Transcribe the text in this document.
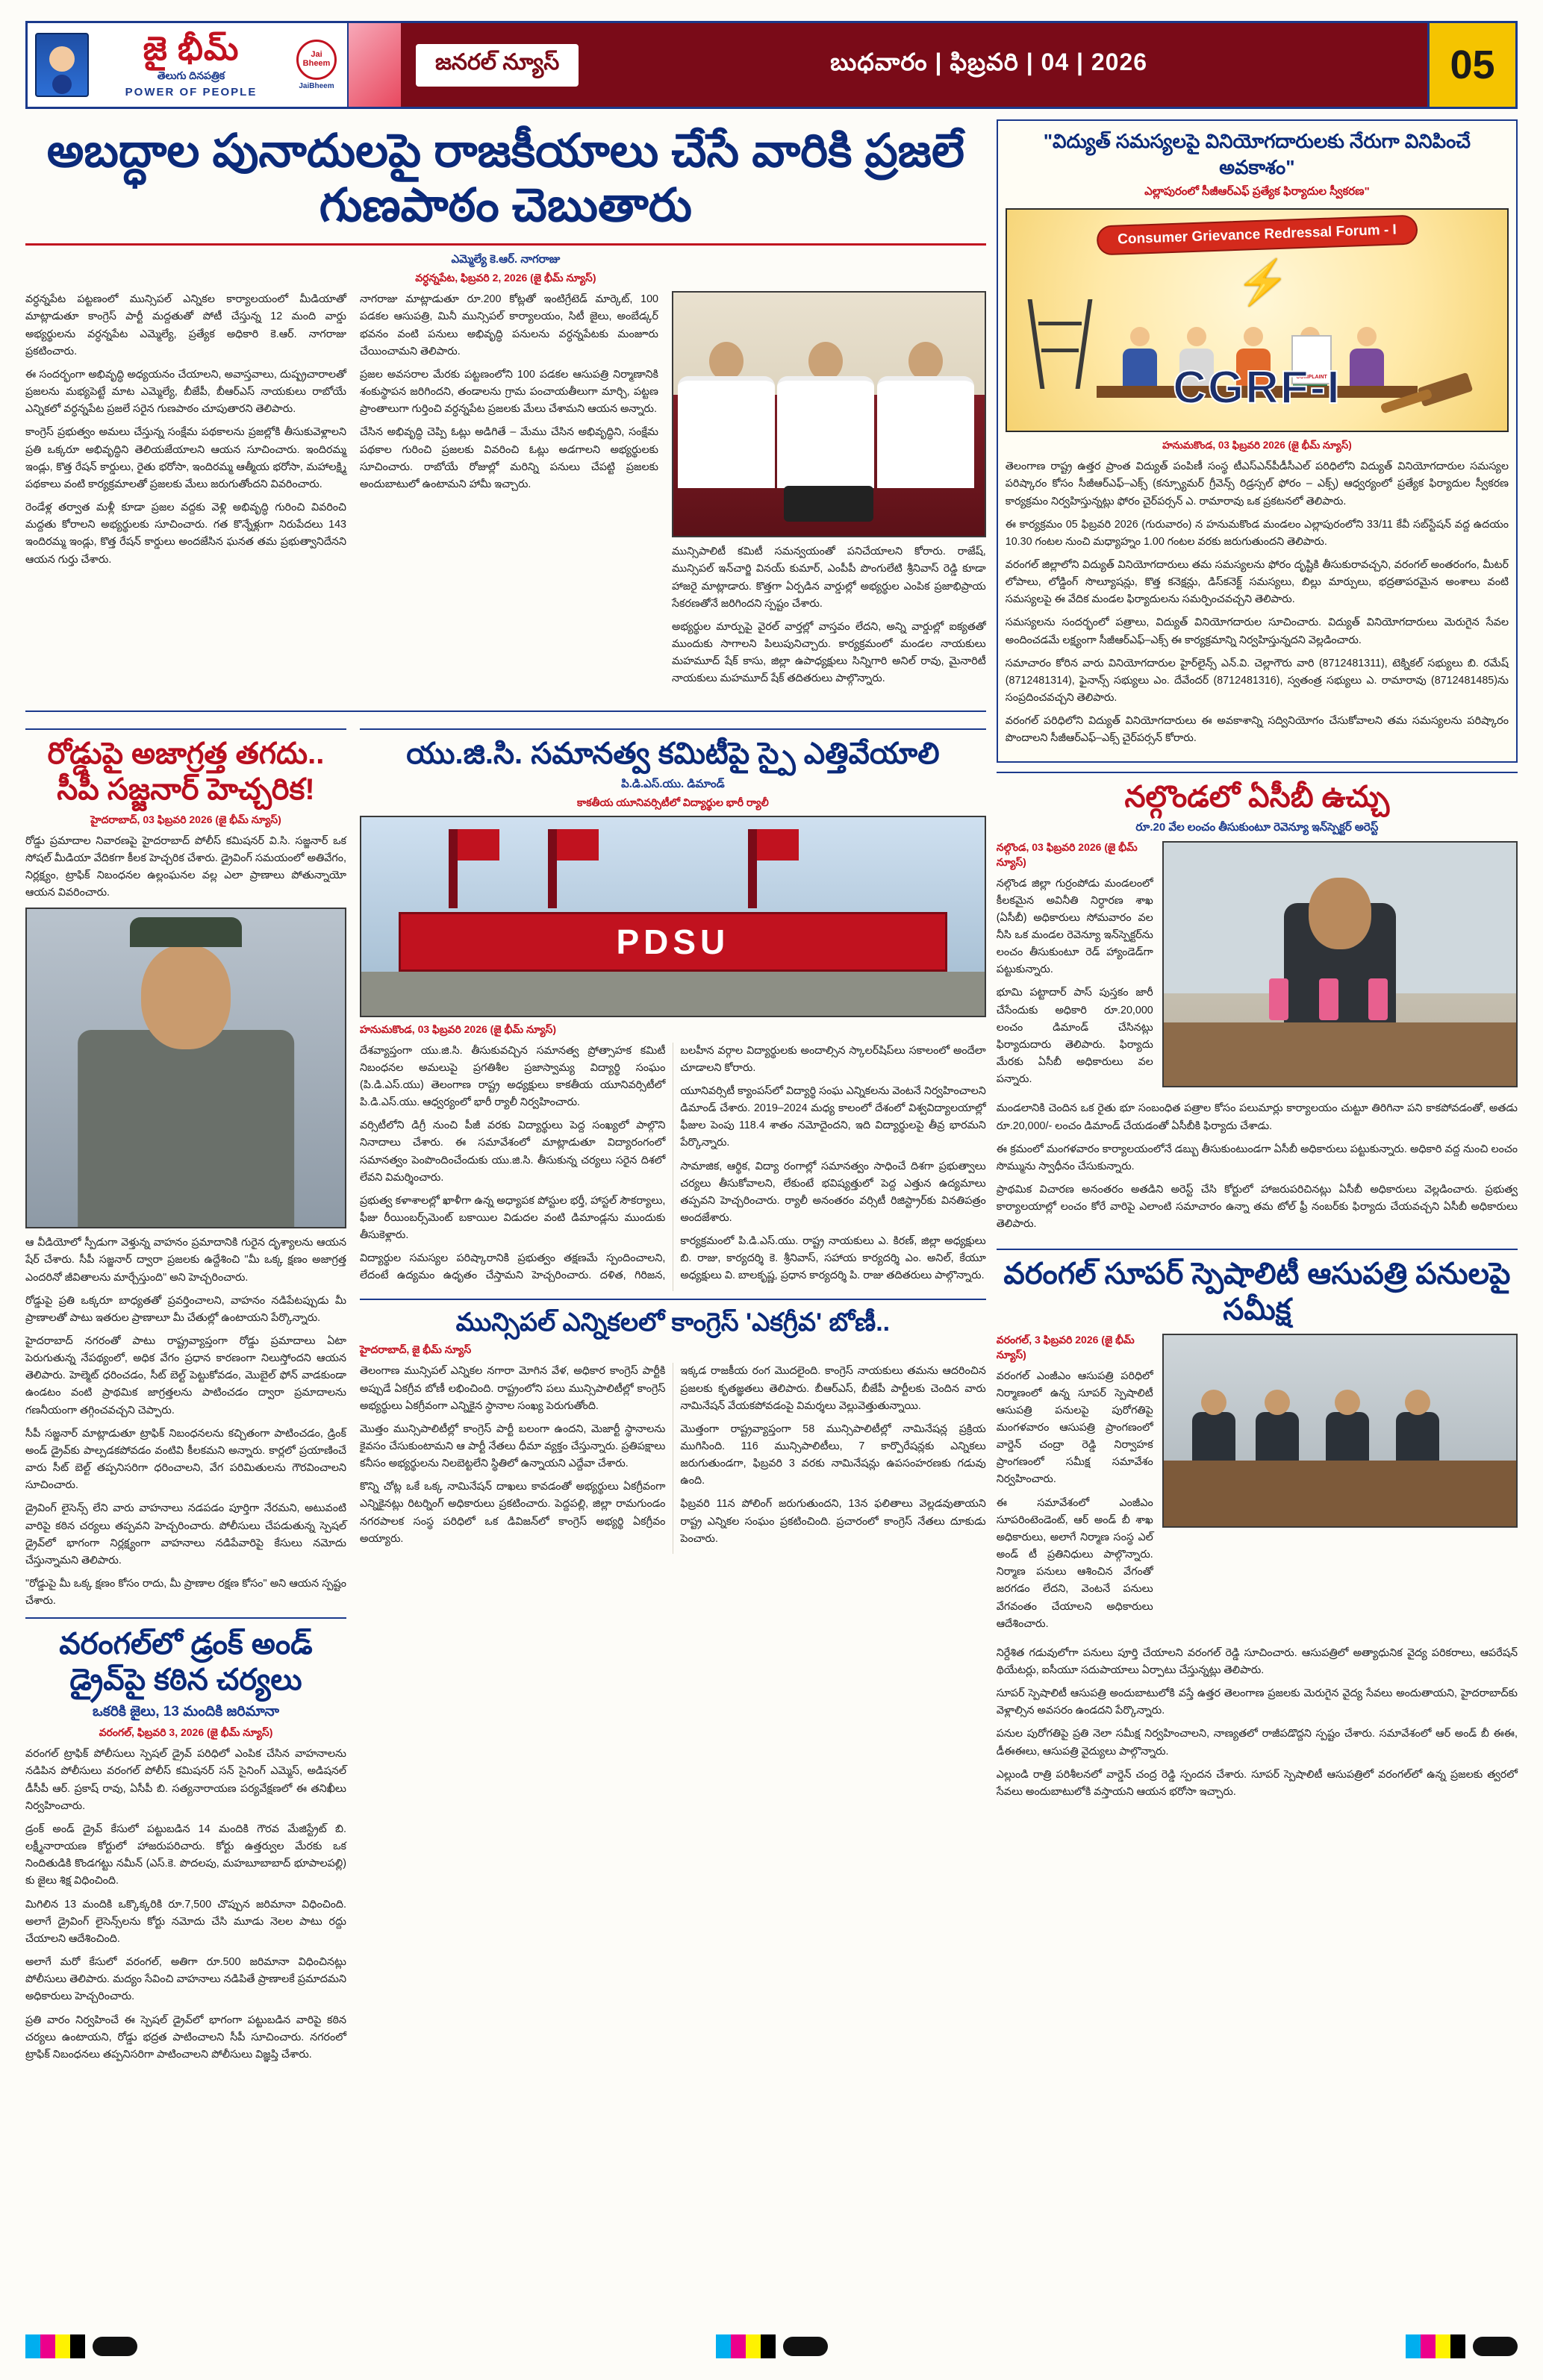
జై భీమ్
తెలుగు దినపత్రిక
POWER OF PEOPLE
Jai Bheem
JaiBheem
జనరల్ న్యూస్	బుధవారం | ఫిబ్రవరి | 04 | 2026	05
అబద్ధాల పునాదులపై రాజకీయాలు చేసే వారికి ప్రజలే గుణపాఠం చెబుతారు
ఎమ్మెల్యే కె.ఆర్. నాగరాజు
వర్ధన్నపేట, ఫిబ్రవరి 2, 2026 (జై భీమ్ న్యూస్)

వర్ధన్నపేట పట్టణంలో మున్సిపల్ ఎన్నికల కార్యాలయంలో మీడియాతో మాట్లాడుతూ కాంగ్రెస్ పార్టీ మద్దతుతో పోటీ చేస్తున్న 12 మంది వార్డు అభ్యర్థులను వర్ధన్నపేట ఎమ్మెల్యే, ప్రత్యేక అధికారి కె.ఆర్. నాగరాజు ప్రకటించారు.

ఈ సందర్భంగా అభివృద్ధి అధ్యయనం చేయాలని, అవాస్తవాలు, దుష్ప్రచారాలతో ప్రజలను మభ్యపెట్టే మాట ఎమ్మెల్యే, బీజేపీ, బీఆర్ఎస్ నాయకులు రాబోయే ఎన్నికలో వర్ధన్నపేట ప్రజలే సరైన గుణపాఠం చూపుతారని తెలిపారు.

కాంగ్రెస్ ప్రభుత్వం అమలు చేస్తున్న సంక్షేమ పథకాలను ప్రజల్లోకి తీసుకువెళ్లాలని ప్రతి ఒక్కరూ అభివృద్ధిని తెలియజేయాలని ఆయన సూచించారు. ఇందిరమ్మ ఇండ్లు, కొత్త రేషన్ కార్డులు, రైతు భరోసా, ఇందిరమ్మ ఆత్మీయ భరోసా, మహాలక్ష్మి పథకాలు వంటి కార్యక్రమాలతో ప్రజలకు మేలు జరుగుతోందని వివరించారు.

రెండేళ్ల తర్వాత మళ్లీ కూడా ప్రజల వద్దకు వెళ్లి అభివృద్ధి గురించి వివరించి మద్దతు కోరాలని అభ్యర్థులకు సూచించారు. గత కొన్నేళ్లుగా నిరుపేదలు 143 ఇందిరమ్మ ఇండ్లు, కొత్త రేషన్ కార్డులు అందజేసిన ఘనత తమ ప్రభుత్వానిదేనని ఆయన గుర్తు చేశారు.

నాగరాజు మాట్లాడుతూ రూ.200 కోట్లతో ఇంటిగ్రేటెడ్ మార్కెట్, 100 పడకల ఆసుపత్రి, మినీ మున్సిపల్ కార్యాలయం, సిటీ జైలు, అంబేడ్కర్ భవనం వంటి పనులు అభివృద్ధి పనులను వర్ధన్నపేటకు మంజూరు చేయించామని తెలిపారు.

ప్రజల అవసరాల మేరకు పట్టణంలోని 100 పడకల ఆసుపత్రి నిర్మాణానికి శంకుస్థాపన జరిగిందని, తండాలను గ్రామ పంచాయతీలుగా మార్చి, పట్టణ ప్రాంతాలుగా గుర్తించి వర్ధన్నపేట ప్రజలకు మేలు చేశామని ఆయన అన్నారు.

చేసిన అభివృద్ధి చెప్పి ఓట్లు అడిగితే – మేము చేసిన అభివృద్ధిని, సంక్షేమ పథకాల గురించి ప్రజలకు వివరించి ఓట్లు అడగాలని అభ్యర్థులకు సూచించారు. రాబోయే రోజుల్లో మరిన్ని పనులు చేపట్టి ప్రజలకు అందుబాటులో ఉంటామని హామీ ఇచ్చారు.

మున్సిపాలిటీ కమిటీ సమన్వయంతో పనిచేయాలని కోరారు. రాజేష్, మున్సిపల్ ఇన్‌చార్జి వినయ్ కుమార్, ఎంపీపీ పొంగులేటి శ్రీనివాస్ రెడ్డి కూడా హాజరై మాట్లాడారు. కొత్తగా ఏర్పడిన వార్డుల్లో అభ్యర్థుల ఎంపిక ప్రజాభిప్రాయ సేకరణతోనే జరిగిందని స్పష్టం చేశారు.

అభ్యర్థుల మార్పుపై వైరల్ వార్తల్లో వాస్తవం లేదని, అన్ని వార్డుల్లో ఐక్యతతో ముందుకు సాగాలని పిలుపునిచ్చారు. కార్యక్రమంలో మండల నాయకులు మహమూద్ షేక్ కాసు, జిల్లా ఉపాధ్యక్షులు సిన్నిగారి అనిల్ రావు, మైనారిటీ నాయకులు మహమూద్ షేక్ తదితరులు పాల్గొన్నారు.

రోడ్డుపై అజాగ్రత్త తగదు.. సీపీ సజ్జనార్ హెచ్చరిక!
హైదరాబాద్, 03 ఫిబ్రవరి 2026 (జై భీమ్ న్యూస్)

రోడ్డు ప్రమాదాల నివారణపై హైదరాబాద్ పోలీస్ కమిషనర్ వి.సి. సజ్జనార్ ఒక సోషల్ మీడియా వేదికగా కీలక హెచ్చరిక చేశారు. డ్రైవింగ్ సమయంలో అతివేగం, నిర్లక్ష్యం, ట్రాఫిక్ నిబంధనల ఉల్లంఘనల వల్ల ఎలా ప్రాణాలు పోతున్నాయో ఆయన వివరించారు.

ఆ వీడియోలో స్పీడుగా వెళ్తున్న వాహనం ప్రమాదానికి గురైన దృశ్యాలను ఆయన షేర్ చేశారు. సీపీ సజ్జనార్ ద్వారా ప్రజలకు ఉద్దేశించి "మీ ఒక్క క్షణం అజాగ్రత్త ఎందరినో జీవితాలను మార్చేస్తుంది" అని హెచ్చరించారు.

రోడ్డుపై ప్రతి ఒక్కరూ బాధ్యతతో ప్రవర్తించాలని, వాహనం నడిపేటప్పుడు మీ ప్రాణాలతో పాటు ఇతరుల ప్రాణాలూ మీ చేతుల్లో ఉంటాయని పేర్కొన్నారు.

హైదరాబాద్ నగరంతో పాటు రాష్ట్రవ్యాప్తంగా రోడ్డు ప్రమాదాలు ఏటా పెరుగుతున్న నేపథ్యంలో, అధిక వేగం ప్రధాన కారణంగా నిలుస్తోందని ఆయన తెలిపారు. హెల్మెట్ ధరించడం, సీట్ బెల్ట్ పెట్టుకోవడం, మొబైల్ ఫోన్ వాడకుండా ఉండటం వంటి ప్రాథమిక జాగ్రత్తలను పాటించడం ద్వారా ప్రమాదాలను గణనీయంగా తగ్గించవచ్చని చెప్పారు.

సీపీ సజ్జనార్ మాట్లాడుతూ ట్రాఫిక్ నిబంధనలను కచ్చితంగా పాటించడం, డ్రింక్ అండ్ డ్రైవ్‌కు పాల్పడకపోవడం వంటివి కీలకమని అన్నారు. కార్లలో ప్రయాణించే వారు సీట్ బెల్ట్ తప్పనిసరిగా ధరించాలని, వేగ పరిమితులను గౌరవించాలని సూచించారు.

డ్రైవింగ్ లైసెన్స్ లేని వారు వాహనాలు నడపడం పూర్తిగా నేరమని, అటువంటి వారిపై కఠిన చర్యలు తప్పవని హెచ్చరించారు. పోలీసులు చేపడుతున్న స్పెషల్ డ్రైవ్‌లో భాగంగా నిర్లక్ష్యంగా వాహనాలు నడిపేవారిపై కేసులు నమోదు చేస్తున్నామని తెలిపారు.

"రోడ్డుపై మీ ఒక్క క్షణం కోసం రాదు, మీ ప్రాణాల రక్షణ కోసం" అని ఆయన స్పష్టం చేశారు.

వరంగల్‌లో డ్రంక్ అండ్ డ్రైవ్‌పై కఠిన చర్యలు
ఒకరికి జైలు, 13 మందికి జరిమానా
వరంగల్, ఫిబ్రవరి 3, 2026 (జై భీమ్ న్యూస్)

వరంగల్ ట్రాఫిక్ పోలీసులు స్పెషల్ డ్రైవ్ పరిధిలో ఎంపిక చేసిన వాహనాలను నడిపిన పోలీసులు వరంగల్ పోలీస్ కమిషనర్ సన్ సైనింగ్ ఎమ్మెస్, అడిషనల్ డీసీపీ ఆర్. ప్రకాష్ రావు, ఏసీపీ బి. సత్యనారాయణ పర్యవేక్షణలో ఈ తనిఖీలు నిర్వహించారు.

డ్రంక్ అండ్ డ్రైవ్ కేసులో పట్టుబడిన 14 మందికి గౌరవ మేజిస్ట్రేట్ బి. లక్ష్మీనారాయణ కోర్టులో హాజరుపరిచారు. కోర్టు ఉత్తర్వుల మేరకు ఒక నిందితుడికి కొండగట్టు నమీన్ (ఎస్.కె. పొదలపు, మహబూబాబాద్ భూపాలపల్లి) కు జైలు శిక్ష విధించింది.

మిగిలిన 13 మందికి ఒక్కొక్కరికి రూ.7,500 చొప్పున జరిమానా విధించింది. అలాగే డ్రైవింగ్ లైసెన్స్‌లను కోర్టు నమోదు చేసి మూడు నెలల పాటు రద్దు చేయాలని ఆదేశించింది.

అలాగే మరో కేసులో వరంగల్, అతిగా రూ.500 జరిమానా విధించినట్లు పోలీసులు తెలిపారు. మద్యం సేవించి వాహనాలు నడిపితే ప్రాణాలకే ప్రమాదమని అధికారులు హెచ్చరించారు.

ప్రతి వారం నిర్వహించే ఈ స్పెషల్ డ్రైవ్‌లో భాగంగా పట్టుబడిన వారిపై కఠిన చర్యలు ఉంటాయని, రోడ్డు భద్రత పాటించాలని సీపీ సూచించారు. నగరంలో ట్రాఫిక్ నిబంధనలు తప్పనిసరిగా పాటించాలని పోలీసులు విజ్ఞప్తి చేశారు.

యు.జి.సి. సమానత్వ కమిటీపై స్పై ఎత్తివేయాలి
పి.డి.ఎస్.యు. డిమాండ్
కాకతీయ యూనివర్సిటీలో విద్యార్థుల భారీ ర్యాలీ
PDSU
హనుమకొండ, 03 ఫిబ్రవరి 2026 (జై భీమ్ న్యూస్)

దేశవ్యాప్తంగా యు.జి.సి. తీసుకువచ్చిన సమానత్వ ప్రోత్సాహక కమిటీ నిబంధనల అమలుపై ప్రగతిశీల ప్రజాస్వామ్య విద్యార్థి సంఘం (పి.డి.ఎస్.యు) తెలంగాణ రాష్ట్ర అధ్యక్షులు కాకతీయ యూనివర్సిటీలో పి.డి.ఎస్.యు. ఆధ్వర్యంలో భారీ ర్యాలీ నిర్వహించారు.

వర్సిటీలోని డిగ్రీ నుంచి పీజీ వరకు విద్యార్థులు పెద్ద సంఖ్యలో పాల్గొని నినాదాలు చేశారు. ఈ సమావేశంలో మాట్లాడుతూ విద్యారంగంలో సమానత్వం పెంపొందించేందుకు యు.జి.సి. తీసుకున్న చర్యలు సరైన దిశలో లేవని విమర్శించారు.

ప్రభుత్వ కళాశాలల్లో ఖాళీగా ఉన్న అధ్యాపక పోస్టుల భర్తీ, హాస్టల్ సౌకర్యాలు, ఫీజు రీయింబర్స్‌మెంట్ బకాయిల విడుదల వంటి డిమాండ్లను ముందుకు తీసుకెళ్లారు.

విద్యార్థుల సమస్యల పరిష్కారానికి ప్రభుత్వం తక్షణమే స్పందించాలని, లేదంటే ఉద్యమం ఉధృతం చేస్తామని హెచ్చరించారు. దళిత, గిరిజన, బలహీన వర్గాల విద్యార్థులకు అందాల్సిన స్కాలర్‌షిప్‌లు సకాలంలో అందేలా చూడాలని కోరారు.

యూనివర్సిటీ క్యాంపస్‌లో విద్యార్థి సంఘ ఎన్నికలను వెంటనే నిర్వహించాలని డిమాండ్ చేశారు. 2019–2024 మధ్య కాలంలో దేశంలో విశ్వవిద్యాలయాల్లో ఫీజుల పెంపు 118.4 శాతం నమోదైందని, ఇది విద్యార్థులపై తీవ్ర భారమని పేర్కొన్నారు.

సామాజిక, ఆర్థిక, విద్యా రంగాల్లో సమానత్వం సాధించే దిశగా ప్రభుత్వాలు చర్యలు తీసుకోవాలని, లేకుంటే భవిష్యత్తులో పెద్ద ఎత్తున ఉద్యమాలు తప్పవని హెచ్చరించారు. ర్యాలీ అనంతరం వర్సిటీ రిజిస్ట్రార్‌కు వినతిపత్రం అందజేశారు.

కార్యక్రమంలో పి.డి.ఎస్.యు. రాష్ట్ర నాయకులు ఎ. కిరణ్, జిల్లా అధ్యక్షులు బి. రాజు, కార్యదర్శి కె. శ్రీనివాస్, సహాయ కార్యదర్శి ఎం. అనిల్, కేయూ అధ్యక్షులు వి. బాలకృష్ణ, ప్రధాన కార్యదర్శి పి. రాజు తదితరులు పాల్గొన్నారు.

మున్సిపల్ ఎన్నికలలో కాంగ్రెస్ 'ఎకగ్రీవ' బోణీ..
హైదరాబాద్, జై భీమ్ న్యూస్

తెలంగాణ మున్సిపల్ ఎన్నికల నగారా మోగిన వేళ, అధికార కాంగ్రెస్ పార్టీకి అప్పుడే ఏకగ్రీవ బోణీ లభించింది. రాష్ట్రంలోని పలు మున్సిపాలిటీల్లో కాంగ్రెస్ అభ్యర్థులు ఏకగ్రీవంగా ఎన్నికైన స్థానాల సంఖ్య పెరుగుతోంది.

మొత్తం మున్సిపాలిటీల్లో కాంగ్రెస్ పార్టీ బలంగా ఉందని, మెజార్టీ స్థానాలను కైవసం చేసుకుంటామని ఆ పార్టీ నేతలు ధీమా వ్యక్తం చేస్తున్నారు. ప్రతిపక్షాలు కనీసం అభ్యర్థులను నిలబెట్టలేని స్థితిలో ఉన్నాయని ఎద్దేవా చేశారు.

కొన్ని చోట్ల ఒకే ఒక్క నామినేషన్ దాఖలు కావడంతో అభ్యర్థులు ఏకగ్రీవంగా ఎన్నికైనట్లు రిటర్నింగ్ అధికారులు ప్రకటించారు. పెద్దపల్లి, జిల్లా రామగుండం నగరపాలక సంస్థ పరిధిలో ఒక డివిజన్‌లో కాంగ్రెస్ అభ్యర్థి ఏకగ్రీవం అయ్యారు.

ఇక్కడ రాజకీయ రంగ మొదలైంది. కాంగ్రెస్ నాయకులు తమను ఆదరించిన ప్రజలకు కృతజ్ఞతలు తెలిపారు. బీఆర్ఎస్, బీజేపీ పార్టీలకు చెందిన వారు నామినేషన్ వేయకపోవడంపై విమర్శలు వెల్లువెత్తుతున్నాయి.

మొత్తంగా రాష్ట్రవ్యాప్తంగా 58 మున్సిపాలిటీల్లో నామినేషన్ల ప్రక్రియ ముగిసింది. 116 మున్సిపాలిటీలు, 7 కార్పొరేషన్లకు ఎన్నికలు జరుగుతుండగా, ఫిబ్రవరి 3 వరకు నామినేషన్లు ఉపసంహరణకు గడువు ఉంది.

ఫిబ్రవరి 11న పోలింగ్ జరుగుతుందని, 13న ఫలితాలు వెల్లడవుతాయని రాష్ట్ర ఎన్నికల సంఘం ప్రకటించింది. ప్రచారంలో కాంగ్రెస్ నేతలు దూకుడు పెంచారు.

"విద్యుత్ సమస్యలపై వినియోగదారులకు నేరుగా వినిపించే అవకాశం"
ఎల్లాపురంలో సీజీఆర్ఎఫ్ ప్రత్యేక ఫిర్యాదుల స్వీకరణ"
Consumer Grievance Redressal Forum - I
COMPLAINT
CGRF-I
హనుమకొండ, 03 ఫిబ్రవరి 2026 (జై భీమ్ న్యూస్)

తెలంగాణ రాష్ట్ర ఉత్తర ప్రాంత విద్యుత్ పంపిణీ సంస్థ టీఎస్ఎన్‌పీడీసీఎల్ పరిధిలోని విద్యుత్ వినియోగదారుల సమస్యల పరిష్కారం కోసం సీజీఆర్ఎఫ్–ఎక్స్ (కన్స్యూమర్ గ్రీవెన్స్ రిడ్రస్సల్ ఫోరం – ఎక్స్) ఆధ్వర్యంలో ప్రత్యేక ఫిర్యాదుల స్వీకరణ కార్యక్రమం నిర్వహిస్తున్నట్లు ఫోరం చైర్‌పర్సన్ ఎ. రామారావు ఒక ప్రకటనలో తెలిపారు.

ఈ కార్యక్రమం 05 ఫిబ్రవరి 2026 (గురువారం) న హనుమకొండ మండలం ఎల్లాపురంలోని 33/11 కేవీ సబ్‌స్టేషన్ వద్ద ఉదయం 10.30 గంటల నుంచి మధ్యాహ్నం 1.00 గంటల వరకు జరుగుతుందని తెలిపారు.

వరంగల్ జిల్లాలోని విద్యుత్ వినియోగదారులు తమ సమస్యలను ఫోరం దృష్టికి తీసుకురావచ్చని, వరంగల్ అంతరంగం, మీటర్ లోపాలు, లోడ్డింగ్ సొల్యూషన్లు, కొత్త కనెక్షన్లు, డిస్‌కనెక్ట్ సమస్యలు, బిల్లు మార్పులు, భద్రతాపరమైన అంశాలు వంటి సమస్యలపై ఈ వేదిక మండల ఫిర్యాదులను సమర్పించవచ్చని తెలిపారు.

సమస్యలను సందర్భంలో పత్రాలు, విద్యుత్ వినియోగదారుల సూచించారు. విద్యుత్ వినియోగదారులు మెరుగైన సేవల అందించడమే లక్ష్యంగా సీజీఆర్ఎఫ్–ఎక్స్ ఈ కార్యక్రమాన్ని నిర్వహిస్తున్నదని వెల్లడించారు.

సమాచారం కోరిన వారు వినియోగదారుల హైర్‌లైన్స్ ఎన్.వి. చెల్లాగౌరు వారి (8712481311), టెక్నికల్ సభ్యులు బి. రమేష్ (8712481314), ఫైనాన్స్ సభ్యులు ఎం. దేవేందర్ (8712481316), స్వతంత్ర సభ్యులు ఎ. రామారావు (8712481485)ను సంప్రదించవచ్చని తెలిపారు.

వరంగల్ పరిధిలోని విద్యుత్ వినియోగదారులు ఈ అవకాశాన్ని సద్వినియోగం చేసుకోవాలని తమ సమస్యలను పరిష్కారం పొందాలని సీజీఆర్ఎఫ్–ఎక్స్ చైర్‌పర్సన్ కోరారు.

నల్గొండలో ఏసీబీ ఉచ్చు
రూ.20 వేల లంచం తీసుకుంటూ రెవెన్యూ ఇన్‌స్పెక్టర్ అరెస్ట్
నల్గొండ, 03 ఫిబ్రవరి 2026 (జై భీమ్ న్యూస్)

నల్గొండ జిల్లా గుర్రంపోడు మండలంలో కీలకమైన అవినీతి నిర్ధారణ శాఖ (ఏసీబీ) అధికారులు సోమవారం వల నీసి ఒక మండల రెవెన్యూ ఇన్‌స్పెక్టర్‌ను లంచం తీసుకుంటూ రెడ్ హ్యాండెడ్‌గా పట్టుకున్నారు.

భూమి పట్టాదార్ పాస్ పుస్తకం జారీ చేసేందుకు అధికారి రూ.20,000 లంచం డిమాండ్ చేసినట్లు ఫిర్యాదుదారు తెలిపారు. ఫిర్యాదు మేరకు ఏసీబీ అధికారులు వల పన్నారు.

మండలానికి చెందిన ఒక రైతు భూ సంబంధిత పత్రాల కోసం పలుమార్లు కార్యాలయం చుట్టూ తిరిగినా పని కాకపోవడంతో, అతడు రూ.20,000/- లంచం డిమాండ్ చేయడంతో ఏసీబీకి ఫిర్యాదు చేశాడు.

ఈ క్రమంలో మంగళవారం కార్యాలయంలోనే డబ్బు తీసుకుంటుండగా ఏసీబీ అధికారులు పట్టుకున్నారు. అధికారి వద్ద నుంచి లంచం సొమ్మును స్వాధీనం చేసుకున్నారు.

ప్రాథమిక విచారణ అనంతరం అతడిని అరెస్ట్ చేసి కోర్టులో హాజరుపరిచినట్లు ఏసీబీ అధికారులు వెల్లడించారు. ప్రభుత్వ కార్యాలయాల్లో లంచం కోరే వారిపై ఎలాంటి సమాచారం ఉన్నా తమ టోల్ ఫ్రీ నంబర్‌కు ఫిర్యాదు చేయవచ్చని ఏసీబీ అధికారులు తెలిపారు.

వరంగల్ సూపర్ స్పెషాలిటీ ఆసుపత్రి పనులపై సమీక్ష
వరంగల్, 3 ఫిబ్రవరి 2026 (జై భీమ్ న్యూస్)

వరంగల్ ఎంజీఎం ఆసుపత్రి పరిధిలో నిర్మాణంలో ఉన్న సూపర్ స్పెషాలిటీ ఆసుపత్రి పనులపై పురోగతిపై మంగళవారం ఆసుపత్రి ప్రాంగణంలో వార్డెన్ చంద్రా రెడ్డి నిర్వాహక ప్రాంగణంలో సమీక్ష సమావేశం నిర్వహించారు.

ఈ సమావేశంలో ఎంజీఎం సూపరింటెండెంట్, ఆర్ అండ్ బీ శాఖ అధికారులు, అలాగే నిర్మాణ సంస్థ ఎల్ అండ్ టీ ప్రతినిధులు పాల్గొన్నారు. నిర్మాణ పనులు ఆశించిన వేగంతో జరగడం లేదని, వెంటనే పనులు వేగవంతం చేయాలని అధికారులు ఆదేశించారు.

నిర్దేశిత గడువులోగా పనులు పూర్తి చేయాలని వరంగల్ రెడ్డి సూచించారు. ఆసుపత్రిలో అత్యాధునిక వైద్య పరికరాలు, ఆపరేషన్ థియేటర్లు, ఐసీయూ సదుపాయాలు ఏర్పాటు చేస్తున్నట్లు తెలిపారు.

సూపర్ స్పెషాలిటీ ఆసుపత్రి అందుబాటులోకి వస్తే ఉత్తర తెలంగాణ ప్రజలకు మెరుగైన వైద్య సేవలు అందుతాయని, హైదరాబాద్‌కు వెళ్లాల్సిన అవసరం ఉండదని పేర్కొన్నారు.

పనుల పురోగతిపై ప్రతి నెలా సమీక్ష నిర్వహించాలని, నాణ్యతలో రాజీపడొద్దని స్పష్టం చేశారు. సమావేశంలో ఆర్ అండ్ బీ ఈఈ, డీఈఈలు, ఆసుపత్రి వైద్యులు పాల్గొన్నారు.

ఎల్లుండి రాత్రి పరిశీలనలో వార్డెన్ చంద్ర రెడ్డి స్పందన చేశారు. సూపర్ స్పెషాలిటీ ఆసుపత్రిలో వరంగల్‌లో ఉన్న ప్రజలకు త్వరలో సేవలు అందుబాటులోకి వస్తాయని ఆయన భరోసా ఇచ్చారు.
